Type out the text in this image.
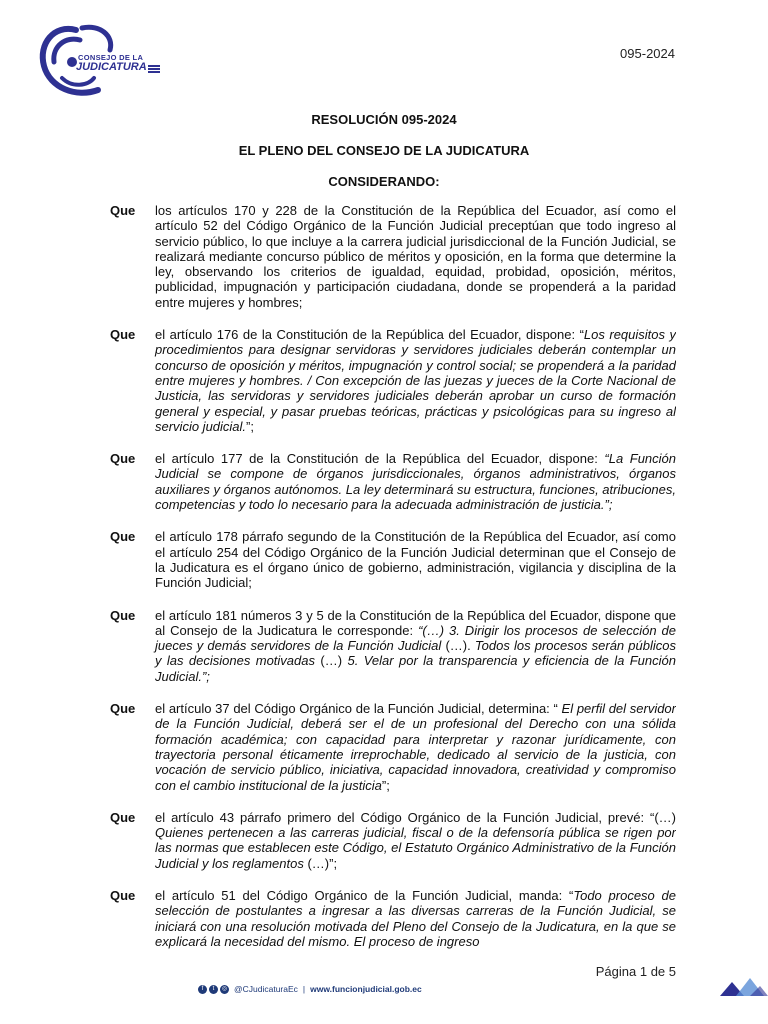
CONSEJO DE LA
JUDICATURA
095-2024
RESOLUCIÓN 095-2024
EL PLENO DEL CONSEJO DE LA JUDICATURA
CONSIDERANDO:
Que	los artículos 170 y 228 de la Constitución de la República del Ecuador, así como el artículo 52 del Código Orgánico de la Función Judicial preceptúan que todo ingreso al servicio público, lo que incluye a la carrera judicial jurisdiccional de la Función Judicial, se realizará mediante concurso público de méritos y oposición, en la forma que determine la ley, observando los criterios de igualdad, equidad, probidad, oposición, méritos, publicidad, impugnación y participación ciudadana, donde se propenderá a la paridad entre mujeres y hombres;
Que	el artículo 176 de la Constitución de la República del Ecuador, dispone: “Los requisitos y procedimientos para designar servidoras y servidores judiciales deberán contemplar un concurso de oposición y méritos, impugnación y control social; se propenderá a la paridad entre mujeres y hombres. / Con excepción de las juezas y jueces de la Corte Nacional de Justicia, las servidoras y servidores judiciales deberán aprobar un curso de formación general y especial, y pasar pruebas teóricas, prácticas y psicológicas para su ingreso al servicio judicial.”;
Que	el artículo 177 de la Constitución de la República del Ecuador, dispone: “La Función Judicial se compone de órganos jurisdiccionales, órganos administrativos, órganos auxiliares y órganos autónomos. La ley determinará su estructura, funciones, atribuciones, competencias y todo lo necesario para la adecuada administración de justicia.”;
Que	el artículo 178 párrafo segundo de la Constitución de la República del Ecuador, así como el artículo 254 del Código Orgánico de la Función Judicial determinan que el Consejo de la Judicatura es el órgano único de gobierno, administración, vigilancia y disciplina de la Función Judicial;
Que	el artículo 181 números 3 y 5 de la Constitución de la República del Ecuador, dispone que al Consejo de la Judicatura le corresponde: “(…) 3. Dirigir los procesos de selección de jueces y demás servidores de la Función Judicial (…). Todos los procesos serán públicos y las decisiones motivadas (…) 5. Velar por la transparencia y eficiencia de la Función Judicial.”;
Que	el artículo 37 del Código Orgánico de la Función Judicial, determina: “ El perfil del servidor de la Función Judicial, deberá ser el de un profesional del Derecho con una sólida formación académica; con capacidad para interpretar y razonar jurídicamente, con trayectoria personal éticamente irreprochable, dedicado al servicio de la justicia, con vocación de servicio público, iniciativa, capacidad innovadora, creatividad y compromiso con el cambio institucional de la justicia”;
Que	el artículo 43 párrafo primero del Código Orgánico de la Función Judicial, prevé: “(…) Quienes pertenecen a las carreras judicial, fiscal o de la defensoría pública se rigen por las normas que establecen este Código, el Estatuto Orgánico Administrativo de la Función Judicial y los reglamentos (…)”;
Que	el artículo 51 del Código Orgánico de la Función Judicial, manda: “Todo proceso de selección de postulantes a ingresar a las diversas carreras de la Función Judicial, se iniciará con una resolución motivada del Pleno del Consejo de la Judicatura, en la que se explicará la necesidad del mismo. El proceso de ingreso
Página 1 de 5
f	t	◎ @CJudicaturaEc | www.funcionjudicial.gob.ec
